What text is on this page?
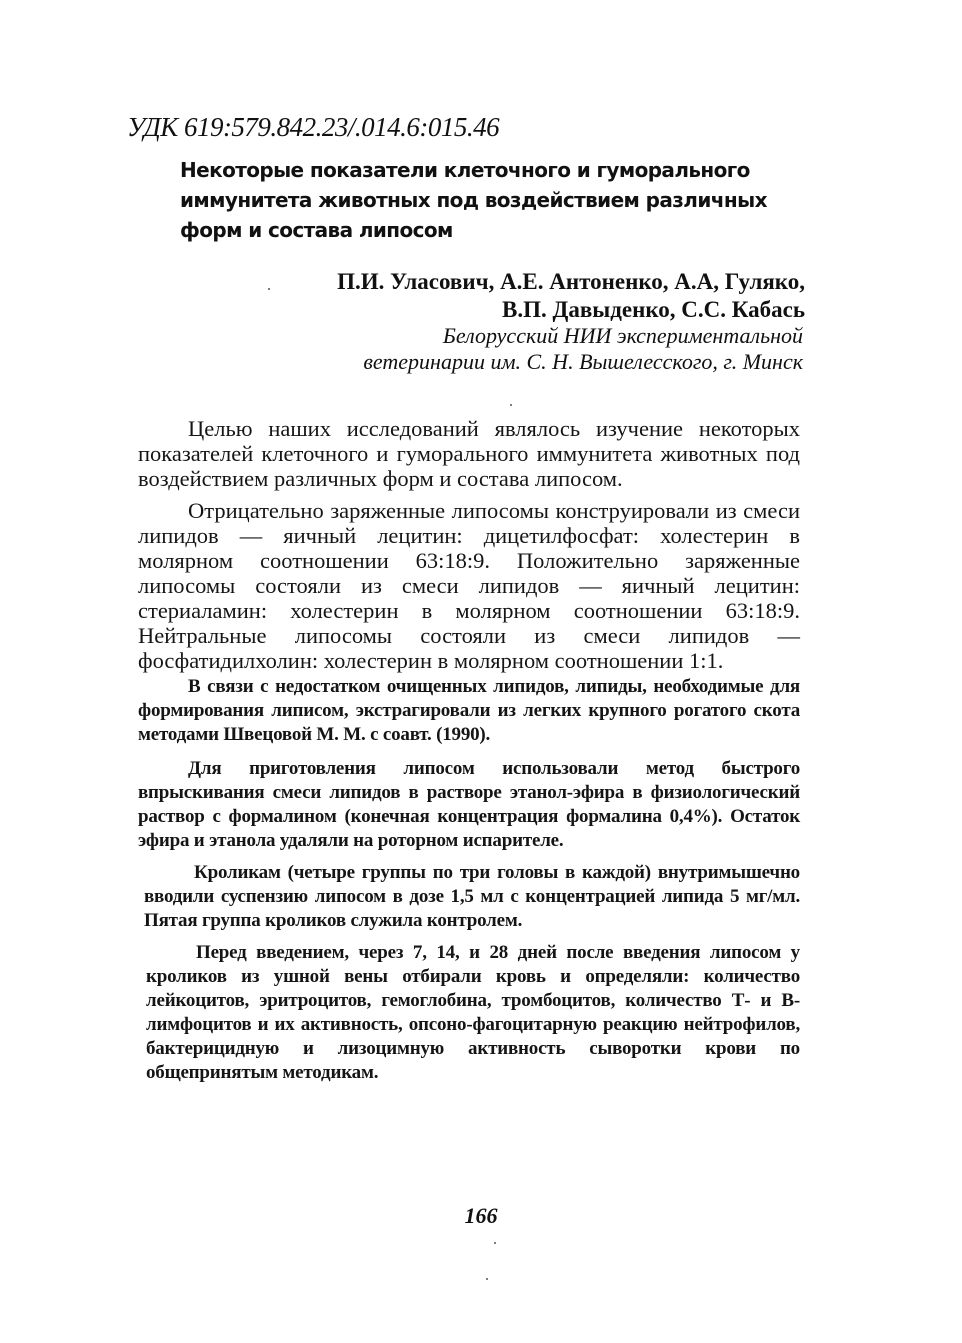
УДК 619:579.842.23/.014.6:015.46
Некоторые показатели клеточного и гуморального
иммунитета животных под воздействием различных
форм и состава липосом
П.И. Уласович, А.Е. Антоненко, А.А, Гуляко,
В.П. Давыденко, С.С. Кабась
Белорусский НИИ экспериментальной
ветеринарии им. С. Н. Вышелесского, г. Минск

Целью наших исследований являлось изучение некоторых показателей клеточного и гуморального иммунитета животных под воздействием различных форм и состава липосом.

Отрицательно заряженные липосомы конструировали из смеси липидов — яичный лецитин: дицетилфосфат: холестерин в молярном соотношении 63:18:9. Положительно заряженные липосомы состояли из смеси липидов — яичный лецитин: стериаламин: холестерин в молярном соотношении 63:18:9. Нейтральные липосомы состояли из смеси липидов — фосфатидилхолин: холестерин в молярном соотношении 1:1.

В связи с недостатком очищенных липидов, липиды, необходимые для формирования липисом, экстрагировали из легких крупного рогатого скота методами Швецовой М. М. с соавт. (1990).

Для приготовления липосом использовали метод быстрого впрыскивания смеси липидов в растворе этанол-эфира в физиологический раствор с формалином (конечная концентрация формалина 0,4%). Остаток эфира и этанола удаляли на роторном испарителе.

Кроликам (четыре группы по три головы в каждой) внутримышечно вводили суспензию липосом в дозе 1,5 мл с концентрацией липида 5 мг/мл. Пятая группа кроликов служила контролем.

Перед введением, через 7, 14, и 28 дней после введения липосом у кроликов из ушной вены отбирали кровь и определяли: количество лейкоцитов, эритроцитов, гемоглобина, тромбоцитов, количество Т- и В-лимфоцитов и их активность, опсоно-фагоцитарную реакцию нейтрофилов, бактерицидную и лизоцимную активность сыворотки крови по общепринятым методикам.

166
